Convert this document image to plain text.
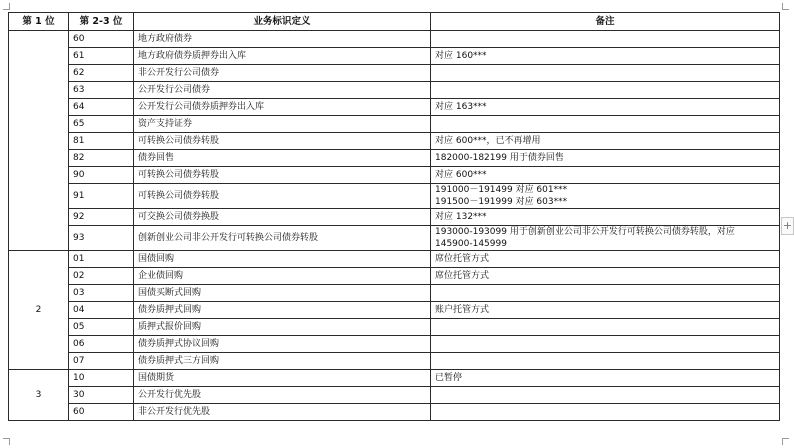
第 1 位	第 2-3 位	业务标识定义	备注
	60	地方政府债券	
	61	地方政府债券质押券出入库	对应 160***

	62	非公开发行公司债券	
	63	公开发行公司债券	
	64	公开发行公司债券质押券出入库	对应 163***

	65	资产支持证券	
	81	可转换公司债券转股	对应 600***，已不再增用

	82	债券回售	182000-182199 用于债券回售

	90	可转换公司债券转股	对应 600***

	91	可转换公司债券转股	191000－191499 对应 601***
191500－191999 对应 603***

	92	可交换公司债券换股	对应 132***

	93	创新创业公司非公开发行可转换公司债券转股	193000-193099 用于创新创业公司非公开发行可转换公司债券转股，对应
145900-145999

2	01	国债回购	席位托管方式

	02	企业债回购	席位托管方式

	03	国债买断式回购	
	04	债券质押式回购	账户托管方式

	05	质押式报价回购	
	06	债券质押式协议回购	
	07	债券质押式三方回购	
3	10	国债期货	已暂停

	30	公开发行优先股	
	60	非公开发行优先股	
+
